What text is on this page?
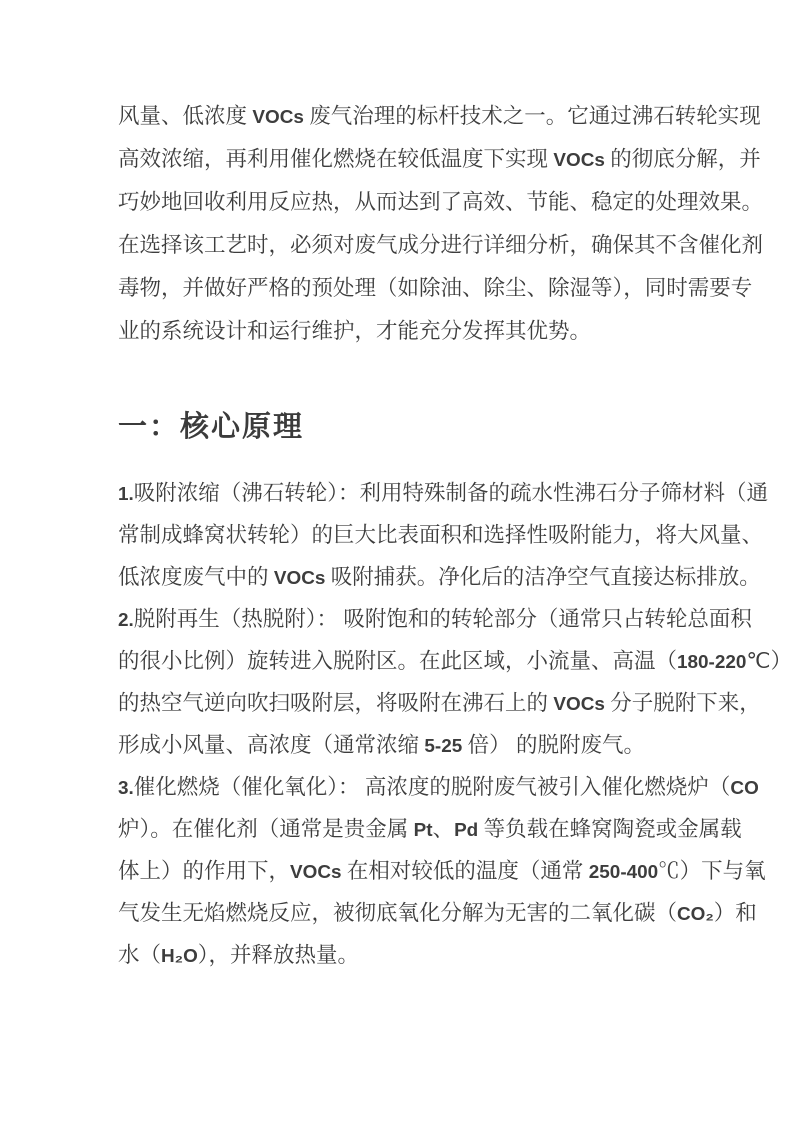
风量、低浓度 VOCs 废气治理的标杆技术之一。它通过沸石转轮实现
高效浓缩，再利用催化燃烧在较低温度下实现 VOCs 的彻底分解，并
巧妙地回收利用反应热，从而达到了高效、节能、稳定的处理效果。
在选择该工艺时，必须对废气成分进行详细分析，确保其不含催化剂
毒物，并做好严格的预处理（如除油、除尘、除湿等），同时需要专
业的系统设计和运行维护，才能充分发挥其优势。
一：核心原理
1.吸附浓缩（沸石转轮）：利用特殊制备的疏水性沸石分子筛材料（通
常制成蜂窝状转轮）的巨大比表面积和选择性吸附能力，将大风量、
低浓度废气中的 VOCs 吸附捕获。净化后的洁净空气直接达标排放。
2.脱附再生（热脱附）： 吸附饱和的转轮部分（通常只占转轮总面积
的很小比例）旋转进入脱附区。在此区域，小流量、高温（180-220℃）
的热空气逆向吹扫吸附层，将吸附在沸石上的 VOCs 分子脱附下来，
形成小风量、高浓度（通常浓缩 5-25 倍） 的脱附废气。
3.催化燃烧（催化氧化）： 高浓度的脱附废气被引入催化燃烧炉（CO
炉）。在催化剂（通常是贵金属 Pt、Pd 等负载在蜂窝陶瓷或金属载
体上）的作用下，VOCs 在相对较低的温度（通常 250-400℃）下与氧
气发生无焰燃烧反应，被彻底氧化分解为无害的二氧化碳（CO₂）和
水（H₂O），并释放热量。
